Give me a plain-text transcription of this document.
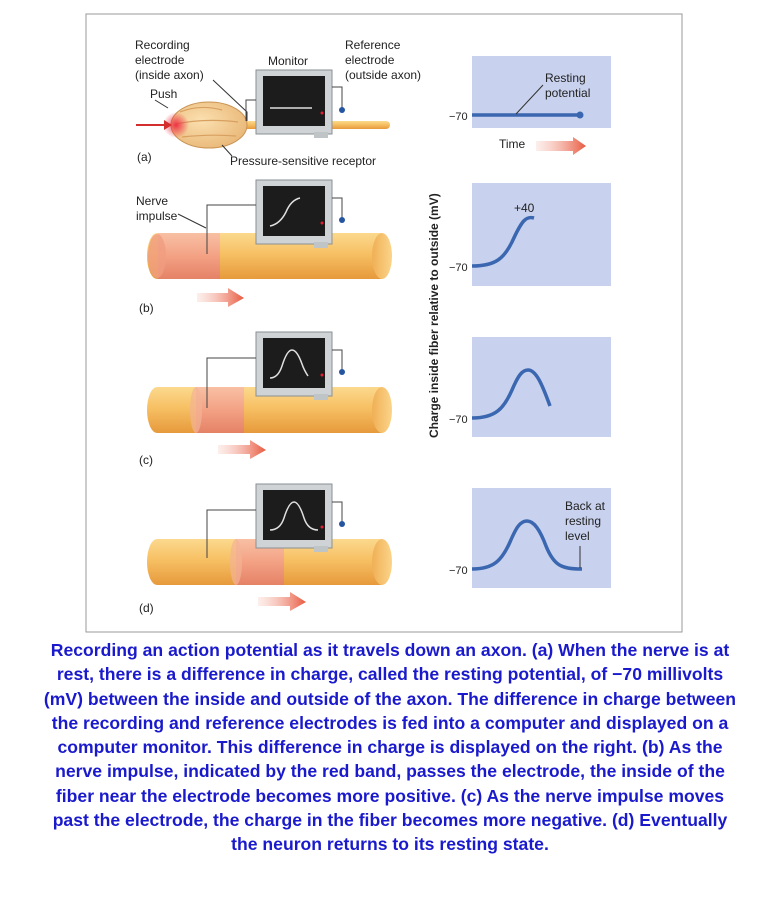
Recording electrode (inside axon)
Monitor
Reference electrode (outside axon)
Push
Pressure-sensitive receptor
(a)
−70
Resting potential
Time
Charge inside fiber relative to outside (mV)
Nerve impulse
(b)
−70
+40
(c)
−70
(d)
−70
Back at resting level

Recording an action potential as it travels down an axon. (a) When the nerve is at rest, there is a difference in charge, called the resting potential, of −70 millivolts (mV) between the inside and outside of the axon. The difference in charge between the recording and reference electrodes is fed into a computer and displayed on a computer monitor. This difference in charge is displayed on the right. (b) As the nerve impulse, indicated by the red band, passes the electrode, the inside of the fiber near the electrode becomes more positive. (c) As the nerve impulse moves past the electrode, the charge in the fiber becomes more negative. (d) Eventually the neuron returns to its resting state.
